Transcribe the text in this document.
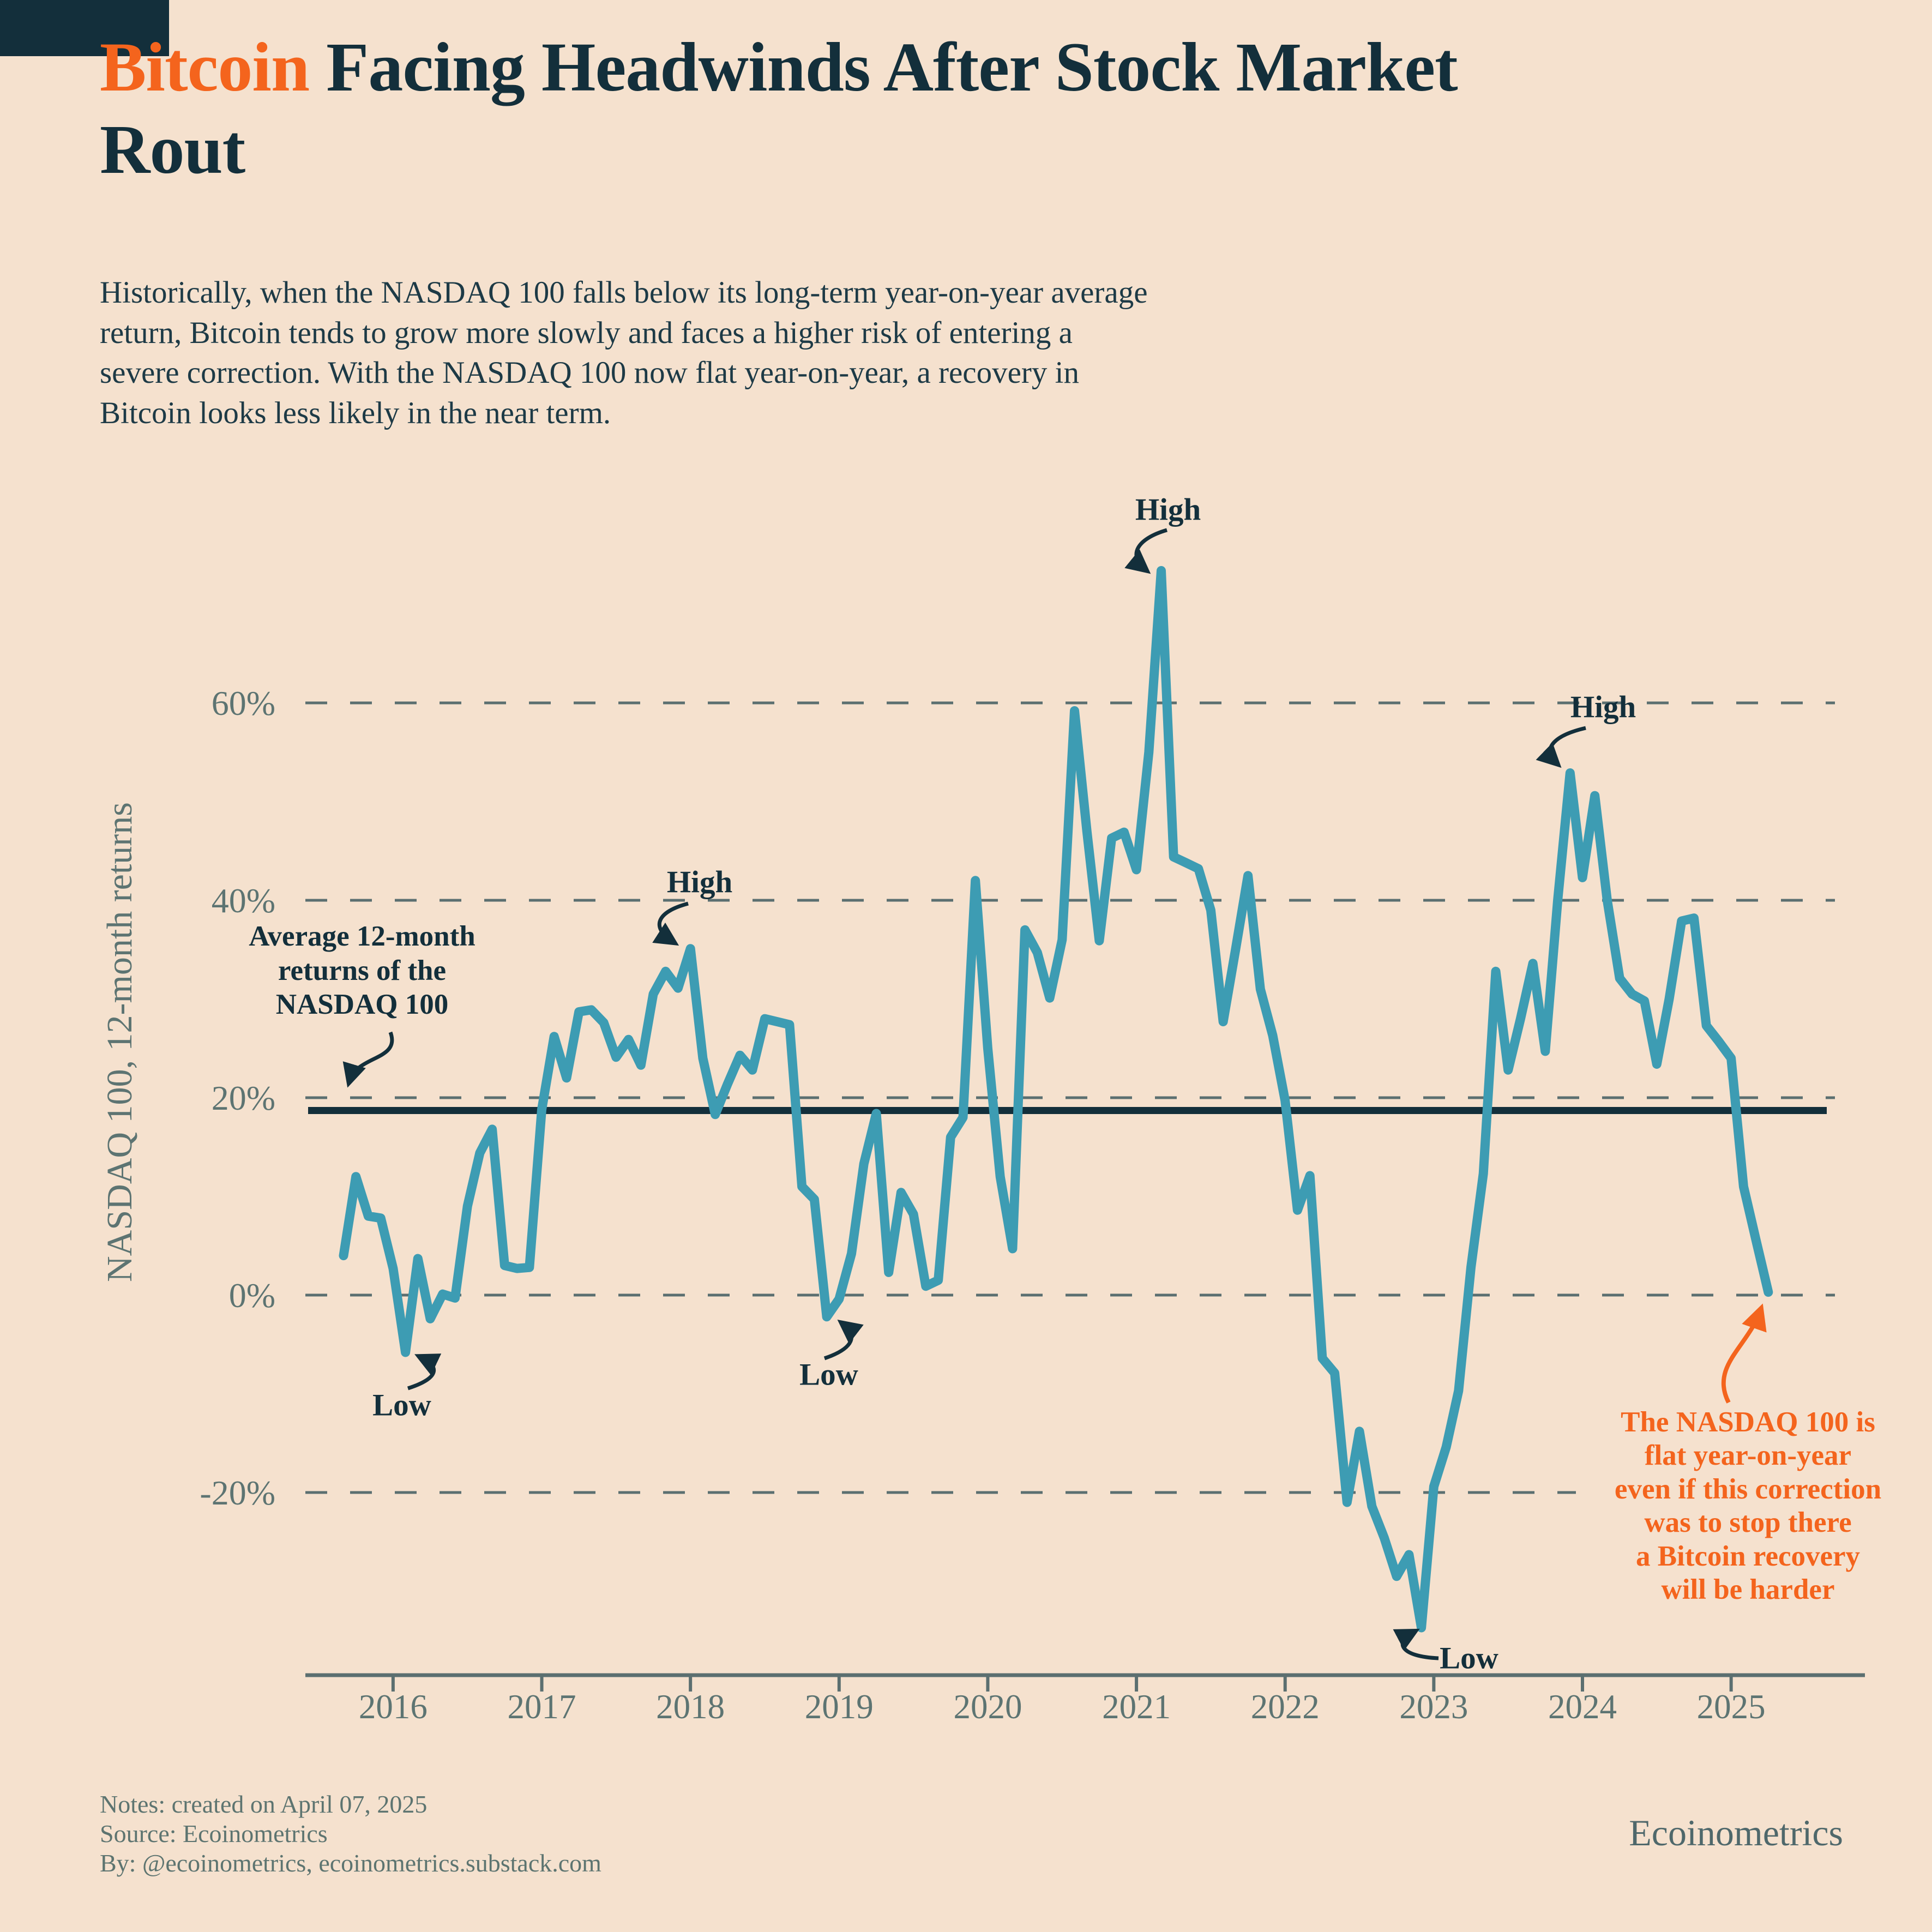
Bitcoin Facing Headwinds After Stock Market
Rout
Historically, when the NASDAQ 100 falls below its long-term year-on-year average
return, Bitcoin tends to grow more slowly and faces a higher risk of entering a
severe correction. With the NASDAQ 100 now flat year-on-year, a recovery in
Bitcoin looks less likely in the near term.
NASDAQ 100, 12-month returns
60%
40%
20%
0%
-20%
2016	2017	2018	2019	2020	2021	2022	2023	2024	2025
Average 12-month
returns of the
NASDAQ 100
High
High
High
Low
Low
Low
The NASDAQ 100 is
flat year-on-year
even if this correction
was to stop there
a Bitcoin recovery
will be harder
Notes: created on April 07, 2025
Source: Ecoinometrics
By: @ecoinometrics, ecoinometrics.substack.com
Ecoinometrics
